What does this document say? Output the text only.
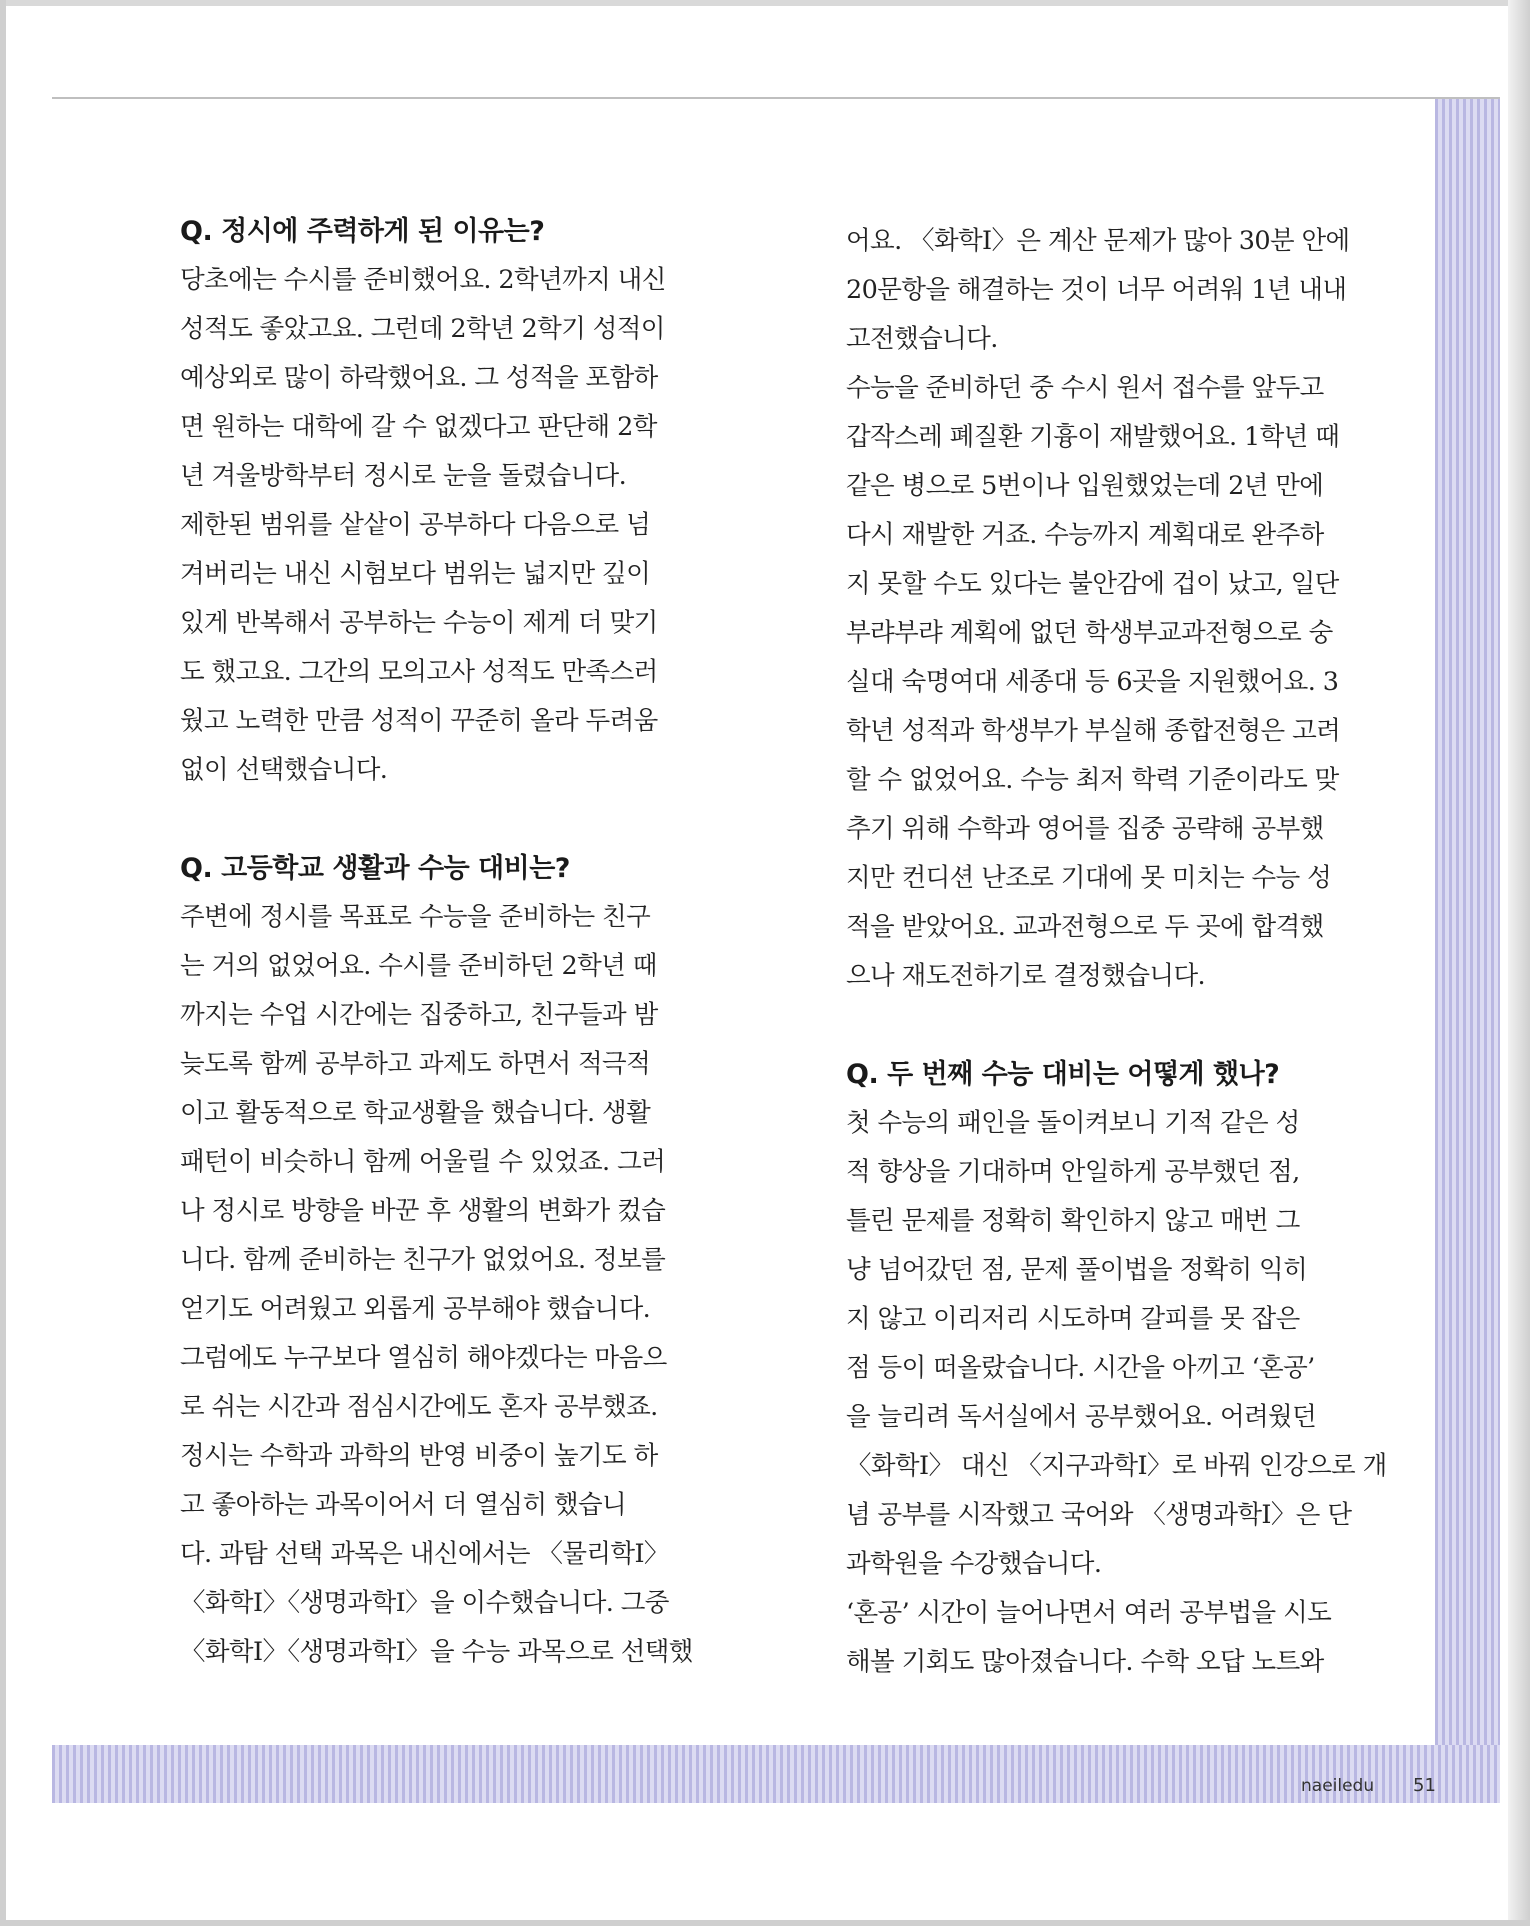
Q. 정시에 주력하게 된 이유는?

당초에는 수시를 준비했어요. 2학년까지 내신

성적도 좋았고요. 그런데 2학년 2학기 성적이

예상외로 많이 하락했어요. 그 성적을 포함하

면 원하는 대학에 갈 수 없겠다고 판단해 2학

년 겨울방학부터 정시로 눈을 돌렸습니다.

제한된 범위를 샅샅이 공부하다 다음으로 넘

겨버리는 내신 시험보다 범위는 넓지만 깊이

있게 반복해서 공부하는 수능이 제게 더 맞기

도 했고요. 그간의 모의고사 성적도 만족스러

웠고 노력한 만큼 성적이 꾸준히 올라 두려움

없이 선택했습니다.

Q. 고등학교 생활과 수능 대비는?

주변에 정시를 목표로 수능을 준비하는 친구

는 거의 없었어요. 수시를 준비하던 2학년 때

까지는 수업 시간에는 집중하고, 친구들과 밤

늦도록 함께 공부하고 과제도 하면서 적극적

이고 활동적으로 학교생활을 했습니다. 생활

패턴이 비슷하니 함께 어울릴 수 있었죠. 그러

나 정시로 방향을 바꾼 후 생활의 변화가 컸습

니다. 함께 준비하는 친구가 없었어요. 정보를

얻기도 어려웠고 외롭게 공부해야 했습니다.

그럼에도 누구보다 열심히 해야겠다는 마음으

로 쉬는 시간과 점심시간에도 혼자 공부했죠.

정시는 수학과 과학의 반영 비중이 높기도 하

고 좋아하는 과목이어서 더 열심히 했습니

다. 과탐 선택 과목은 내신에서는 〈물리학Ⅰ〉

〈화학Ⅰ〉〈생명과학Ⅰ〉을 이수했습니다. 그중

〈화학Ⅰ〉〈생명과학Ⅰ〉을 수능 과목으로 선택했

어요. 〈화학Ⅰ〉은 계산 문제가 많아 30분 안에

20문항을 해결하는 것이 너무 어려워 1년 내내

고전했습니다.

수능을 준비하던 중 수시 원서 접수를 앞두고

갑작스레 폐질환 기흉이 재발했어요. 1학년 때

같은 병으로 5번이나 입원했었는데 2년 만에

다시 재발한 거죠. 수능까지 계획대로 완주하

지 못할 수도 있다는 불안감에 겁이 났고, 일단

부랴부랴 계획에 없던 학생부교과전형으로 숭

실대 숙명여대 세종대 등 6곳을 지원했어요. 3

학년 성적과 학생부가 부실해 종합전형은 고려

할 수 없었어요. 수능 최저 학력 기준이라도 맞

추기 위해 수학과 영어를 집중 공략해 공부했

지만 컨디션 난조로 기대에 못 미치는 수능 성

적을 받았어요. 교과전형으로 두 곳에 합격했

으나 재도전하기로 결정했습니다.

Q. 두 번째 수능 대비는 어떻게 했나?

첫 수능의 패인을 돌이켜보니 기적 같은 성

적 향상을 기대하며 안일하게 공부했던 점,

틀린 문제를 정확히 확인하지 않고 매번 그

냥 넘어갔던 점, 문제 풀이법을 정확히 익히

지 않고 이리저리 시도하며 갈피를 못 잡은

점 등이 떠올랐습니다. 시간을 아끼고 ‘혼공’

을 늘리려 독서실에서 공부했어요. 어려웠던

〈화학Ⅰ〉 대신 〈지구과학Ⅰ〉로 바꿔 인강으로 개

념 공부를 시작했고 국어와 〈생명과학Ⅰ〉은 단

과학원을 수강했습니다.

‘혼공’ 시간이 늘어나면서 여러 공부법을 시도

해볼 기회도 많아졌습니다. 수학 오답 노트와

naeiledu 51
